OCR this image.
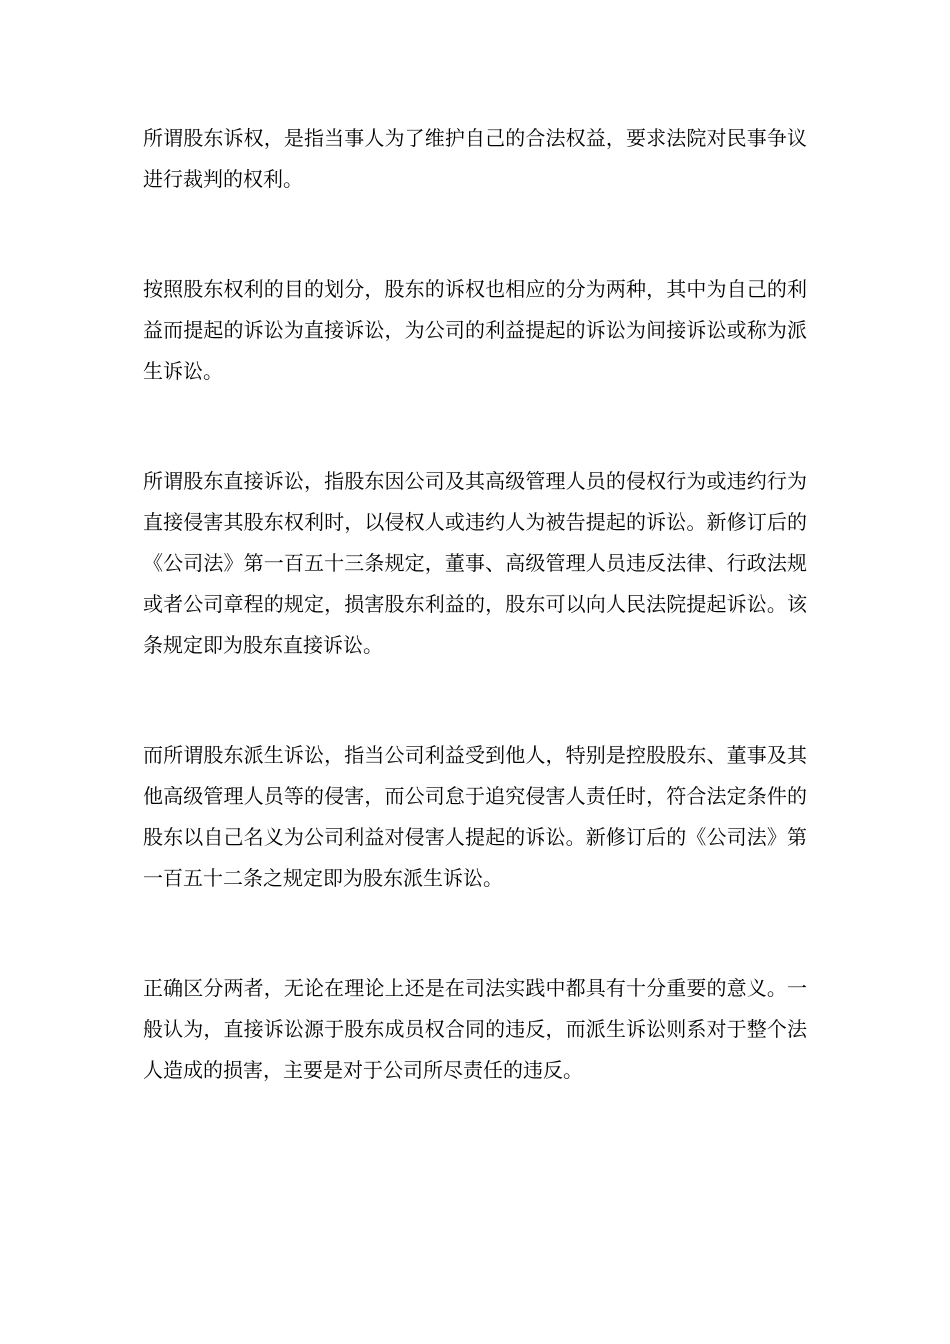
所谓股东诉权，是指当事人为了维护自己的合法权益，要求法院对民事争议进行裁判的权利。

按照股东权利的目的划分，股东的诉权也相应的分为两种，其中为自己的利益而提起的诉讼为直接诉讼，为公司的利益提起的诉讼为间接诉讼或称为派生诉讼。

所谓股东直接诉讼，指股东因公司及其高级管理人员的侵权行为或违约行为直接侵害其股东权利时，以侵权人或违约人为被告提起的诉讼。新修订后的《公司法》第一百五十三条规定，董事、高级管理人员违反法律、行政法规或者公司章程的规定，损害股东利益的，股东可以向人民法院提起诉讼。该条规定即为股东直接诉讼。

而所谓股东派生诉讼，指当公司利益受到他人，特别是控股股东、董事及其他高级管理人员等的侵害，而公司怠于追究侵害人责任时，符合法定条件的股东以自己名义为公司利益对侵害人提起的诉讼。新修订后的《公司法》第一百五十二条之规定即为股东派生诉讼。

正确区分两者，无论在理论上还是在司法实践中都具有十分重要的意义。一般认为，直接诉讼源于股东成员权合同的违反，而派生诉讼则系对于整个法人造成的损害，主要是对于公司所尽责任的违反。
